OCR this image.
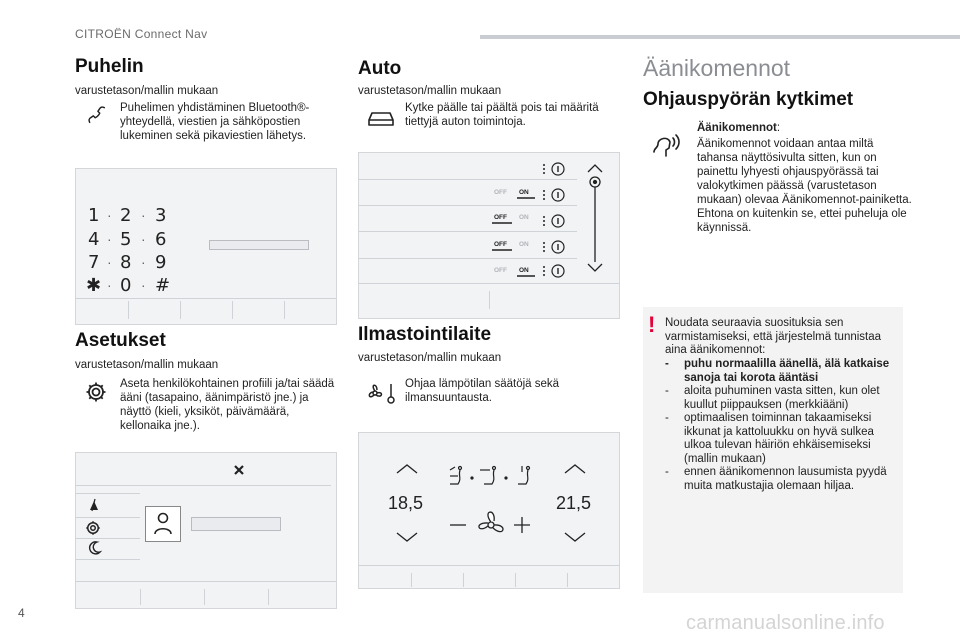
CITROËN Connect Nav
Puhelin
varustetason/mallin mukaan
Puhelimen yhdistäminen Bluetooth®-yhteydellä, viestien ja sähköpostien lukeminen sekä pikaviestien lähetys.
1 · 2 · 3
4 · 5 · 6
7 · 8 · 9
✱ · 0 · #
Asetukset
varustetason/mallin mukaan
Aseta henkilökohtainen profiili ja/tai säädä ääni (tasapaino, äänimpäristö jne.) ja näyttö (kieli, yksiköt, päivämäärä, kellonaika jne.).
Auto
varustetason/mallin mukaan
Kytke päälle tai päältä pois tai määritä tiettyjä auton toimintoja.
OFF ON
OFF ON
OFF ON
OFF ON
Ilmastointilaite
varustetason/mallin mukaan
Ohjaa lämpötilan säätöjä sekä ilmansuuntausta.
18,5	21,5
Äänikomennot
Ohjauspyörän kytkimet
Äänikomennot:
Äänikomennot voidaan antaa miltä tahansa näyttösivulta sitten, kun on painettu lyhyesti ohjauspyörässä tai valokytkimen päässä (varustetason mukaan) olevaa Äänikomennot-painiketta. Ehtona on kuitenkin se, ettei puheluja ole käynnissä.
! Noudata seuraavia suosituksia sen varmistamiseksi, että järjestelmä tunnistaa aina äänikomennot:
- puhu normaalilla äänellä, älä katkaise sanoja tai korota ääntäsi
- aloita puhuminen vasta sitten, kun olet kuullut piippauksen (merkkiääni)
- optimaalisen toiminnan takaamiseksi ikkunat ja kattoluukku on hyvä sulkea ulkoa tulevan häiriön ehkäisemiseksi (mallin mukaan)
- ennen äänikomennon lausumista pyydä muita matkustajia olemaan hiljaa.
4	carmanualsonline.info
